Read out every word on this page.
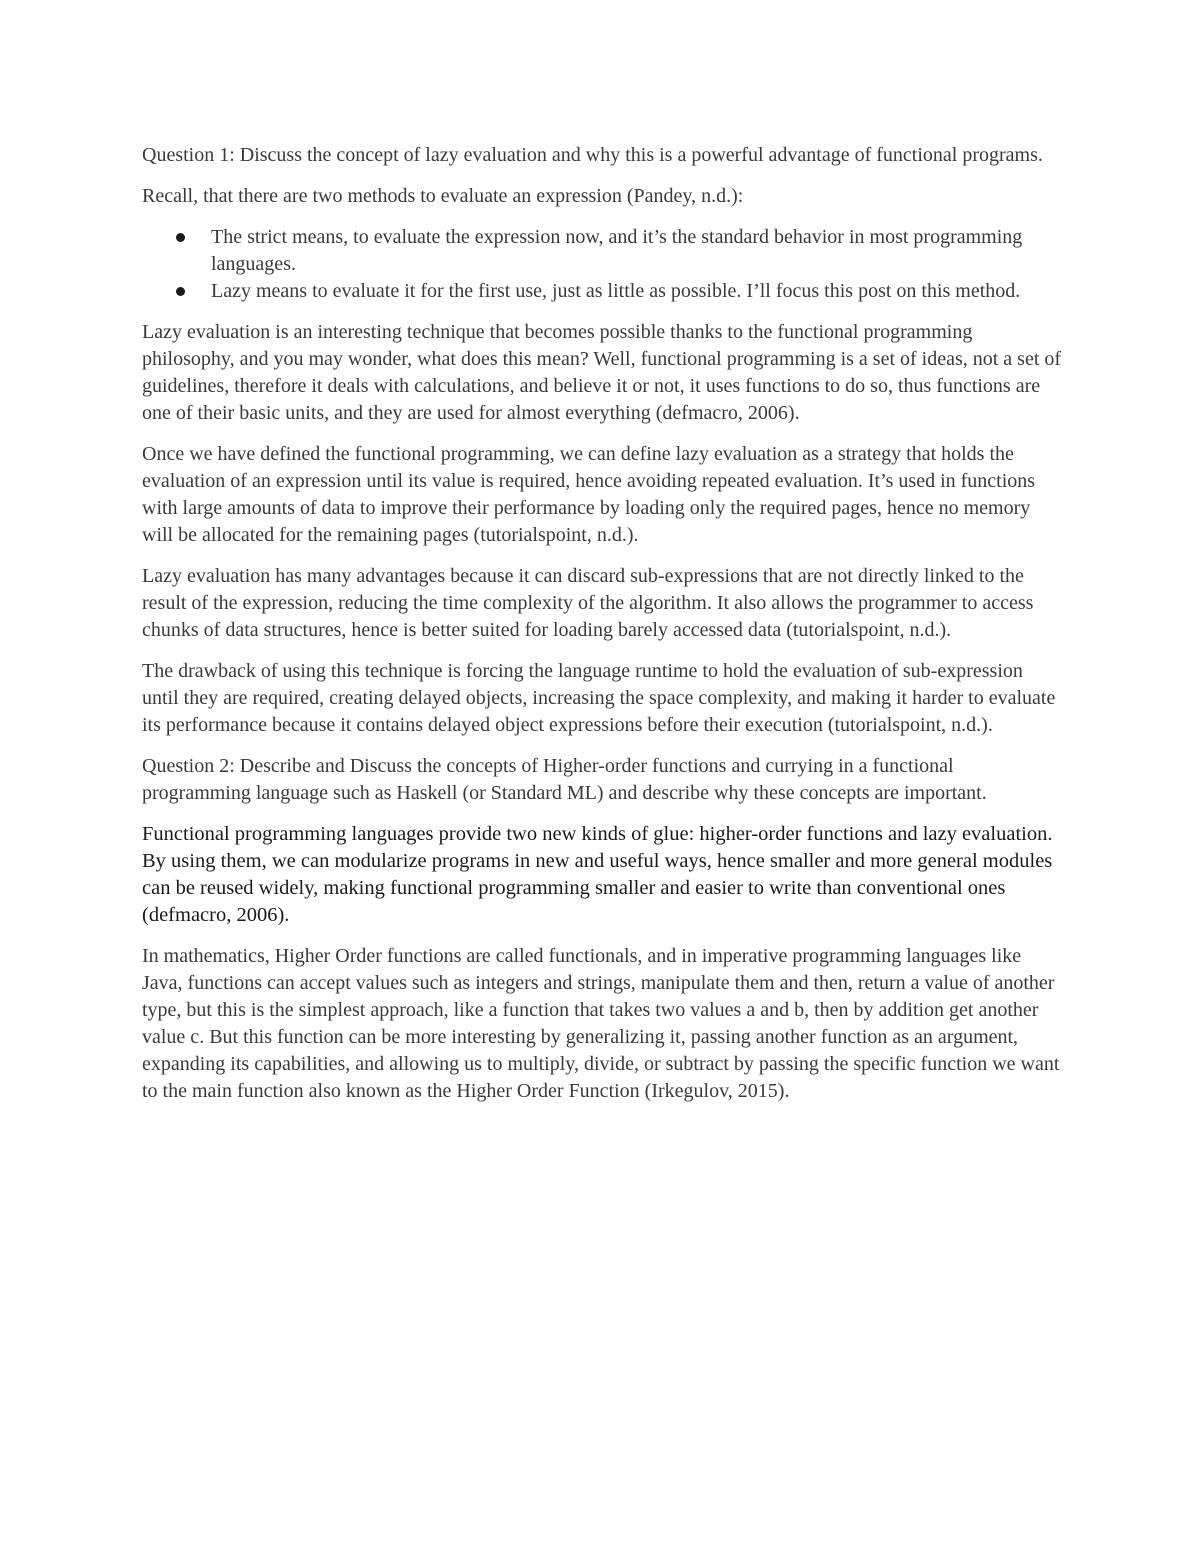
Question 1: Discuss the concept of lazy evaluation and why this is a powerful advantage of functional programs.

Recall, that there are two methods to evaluate an expression (Pandey, n.d.):

The strict means, to evaluate the expression now, and it’s the standard behavior in most programming languages.
Lazy means to evaluate it for the first use, just as little as possible. I’ll focus this post on this method.

Lazy evaluation is an interesting technique that becomes possible thanks to the functional programming philosophy, and you may wonder, what does this mean? Well, functional programming is a set of ideas, not a set of guidelines, therefore it deals with calculations, and believe it or not, it uses functions to do so, thus functions are one of their basic units, and they are used for almost everything (defmacro, 2006).

Once we have defined the functional programming, we can define lazy evaluation as a strategy that holds the evaluation of an expression until its value is required, hence avoiding repeated evaluation. It’s used in functions with large amounts of data to improve their performance by loading only the required pages, hence no memory will be allocated for the remaining pages (tutorialspoint, n.d.).

Lazy evaluation has many advantages because it can discard sub-expressions that are not directly linked to the result of the expression, reducing the time complexity of the algorithm. It also allows the programmer to access chunks of data structures, hence is better suited for loading barely accessed data (tutorialspoint, n.d.).

The drawback of using this technique is forcing the language runtime to hold the evaluation of sub-expression until they are required, creating delayed objects, increasing the space complexity, and making it harder to evaluate its performance because it contains delayed object expressions before their execution (tutorialspoint, n.d.).

Question 2: Describe and Discuss the concepts of Higher-order functions and currying in a functional programming language such as Haskell (or Standard ML) and describe why these concepts are important.

Functional programming languages provide two new kinds of glue: higher-order functions and lazy evaluation. By using them, we can modularize programs in new and useful ways, hence smaller and more general modules can be reused widely, making functional programming smaller and easier to write than conventional ones (defmacro, 2006).

In mathematics, Higher Order functions are called functionals, and in imperative programming languages like Java, functions can accept values such as integers and strings, manipulate them and then, return a value of another type, but this is the simplest approach, like a function that takes two values a and b, then by addition get another value c. But this function can be more interesting by generalizing it, passing another function as an argument, expanding its capabilities, and allowing us to multiply, divide, or subtract by passing the specific function we want to the main function also known as the Higher Order Function (Irkegulov, 2015).
